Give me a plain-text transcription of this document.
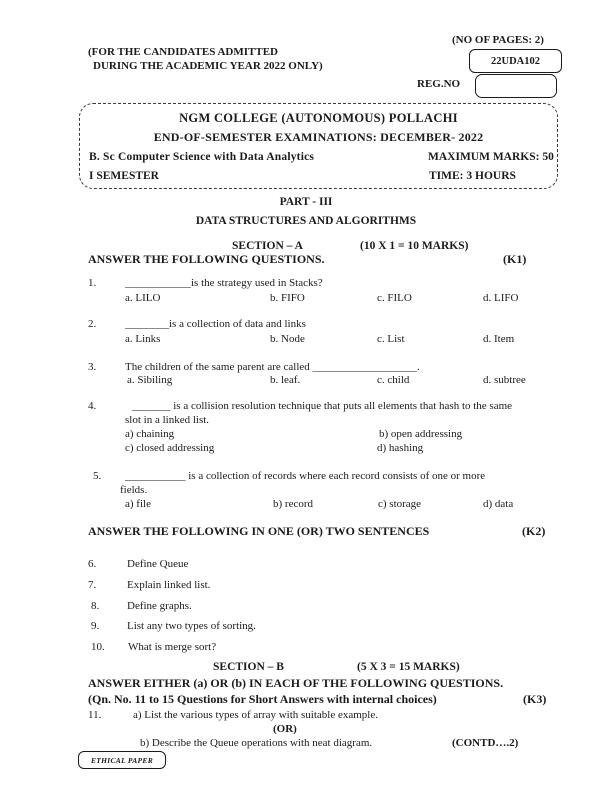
(NO OF PAGES: 2)
(FOR THE CANDIDATES ADMITTED
DURING THE ACADEMIC YEAR 2022 ONLY)	22UDA102
REG.NO
NGM COLLEGE (AUTONOMOUS) POLLACHI
END-OF-SEMESTER EXAMINATIONS: DECEMBER- 2022
B. Sc Computer Science with Data Analytics	MAXIMUM MARKS: 50
I SEMESTER	TIME: 3 HOURS
PART - III
DATA STRUCTURES AND ALGORITHMS
SECTION – A	(10 X 1 = 10 MARKS)
ANSWER THE FOLLOWING QUESTIONS.	(K1)
1.	____________is the strategy used in Stacks?
a. LILO	b. FIFO	c. FILO	d. LIFO
2.	________is a collection of data and links
a. Links	b. Node	c. List	d. Item
3.	The children of the same parent are called ___________________.
a. Sibiling	b. leaf.	c. child	d. subtree
4.	_______ is a collision resolution technique that puts all elements that hash to the same
slot in a linked list.
a) chaining	b) open addressing
c) closed addressing	d) hashing
5. ___________ is a collection of records where each record consists of one or more
fields.
a) file	b) record	c) storage	d) data
ANSWER THE FOLLOWING IN ONE (OR) TWO SENTENCES	(K2)
6.	Define Queue
7.	Explain linked list.
8.	Define graphs.
9.	List any two types of sorting.
10. What is merge sort?
SECTION – B	(5 X 3 = 15 MARKS)
ANSWER EITHER (a) OR (b) IN EACH OF THE FOLLOWING QUESTIONS.
(Qn. No. 11 to 15 Questions for Short Answers with internal choices)	(K3)
11.	a) List the various types of array with suitable example.
(OR)
b) Describe the Queue operations with neat diagram.	(CONTD….2)
ETHICAL PAPER
